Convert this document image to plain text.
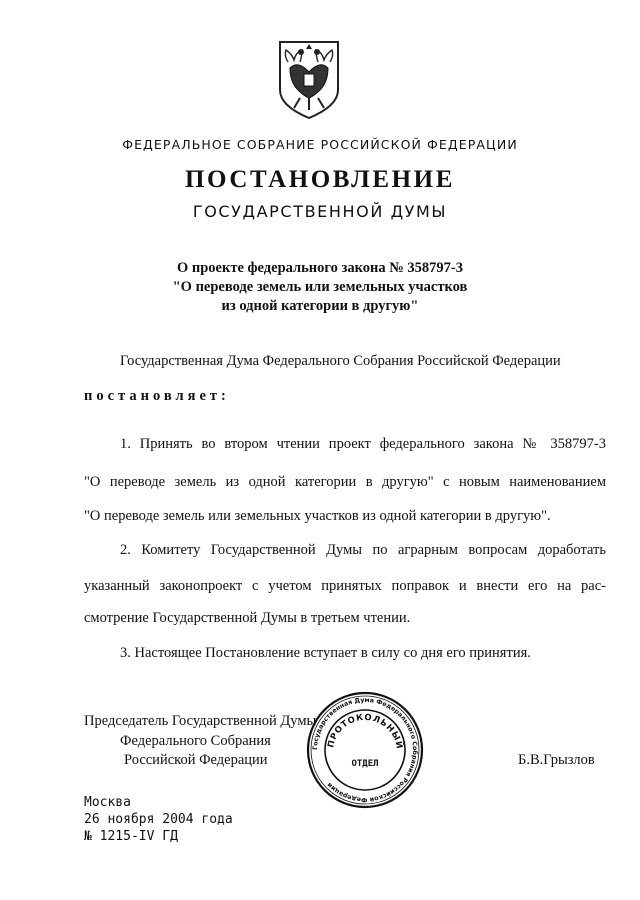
ФЕДЕРАЛЬНОЕ СОБРАНИЕ РОССИЙСКОЙ ФЕДЕРАЦИИ
ПОСТАНОВЛЕНИЕ
ГОСУДАРСТВЕННОЙ ДУМЫ
О проекте федерального закона № 358797-3
"О переводе земель или земельных участков
из одной категории в другую"
Государственная Дума Федерального Собрания Российской Федерации
постановляет:
1. Принять во втором чтении проект федерального закона № 358797-3
"О переводе земель из одной категории в другую" с новым наименованием
"О переводе земель или земельных участков из одной категории в другую".
2. Комитету Государственной Думы по аграрным вопросам доработать
указанный законопроект с учетом принятых поправок и внести его на рас-
смотрение Государственной Думы в третьем чтении.
3. Настоящее Постановление вступает в силу со дня его принятия.
Председатель Государственной Думы
Федерального Собрания
Российской Федерации	Б.В.Грызлов
Государственная Дума Федерального Собрания Российской Федерации
ПРОТОКОЛЬНЫЙ
ОТДЕЛ
Москва
26 ноября 2004 года
№ 1215-IV ГД
